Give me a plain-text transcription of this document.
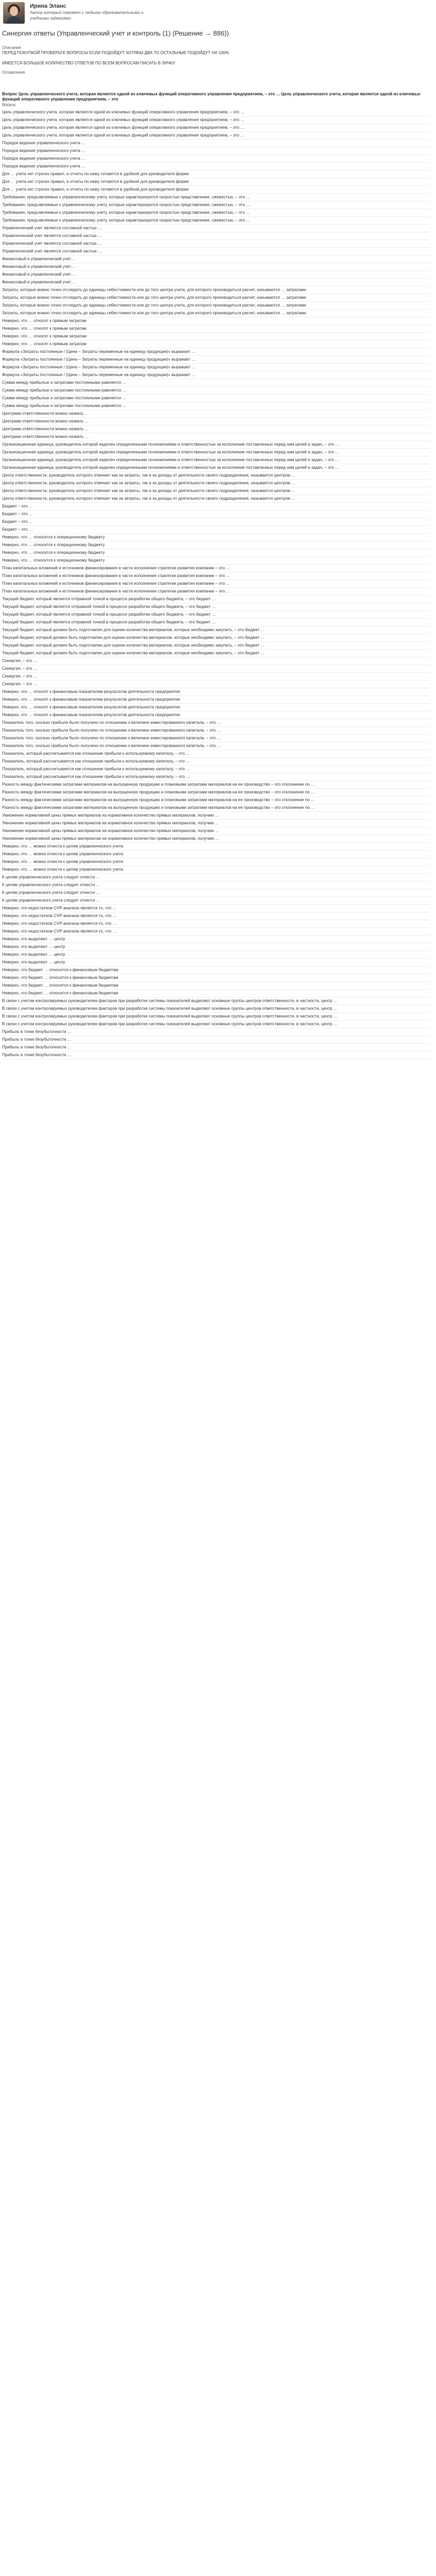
Ирина Эланс

Автор который поможет с любыми образовательными и учебными заданиями

Синергия ответы (Управленческий учет и контроль (1) (Решение → 886))
Описание
ПЕРЕД ПОКУПКОЙ ПРОВЕРЬТЕ ВОПРОСЫ ЕСЛИ ПОДОЙДУТ ХОТЯБЫ ДВА ТО ОСТАЛЬНЫЕ ПОДОЙДУТ НА 100%

ИМЕЕТСЯ БОЛЬШОЕ КОЛИЧЕСТВО ОТВЕТОВ ПО ВСЕМ ВОПРОСАМ ПИСАТЬ В ЛИЧКУ
Оглавление

Вопрос Цель управленческого учета, которая является одной из ключевых функций оперативного управления предприятием, – это … Цель управленческого учета, которая является одной из ключевых функций оперативного управления предприятием, – это

Вопрос
Цель управленческого учета, которая является одной из ключевых функций оперативного управления предприятием, – это …
Цель управленческого учета, которая является одной из ключевых функций оперативного управления предприятием, – это …
Цель управленческого учета, которая является одной из ключевых функций оперативного управления предприятием, – это …
Цель управленческого учета, которая является одной из ключевых функций оперативного управления предприятием, – это …
Порядок ведения управленческого учета …
Порядок ведения управленческого учета …
Порядок ведения управленческого учета …
Порядок ведения управленческого учета …
Для … учета нет строгих правил, и отчеты по нему готовятся в удобной для руководителя форме
Для … учета нет строгих правил, и отчеты по нему готовятся в удобной для руководителя форме
Для … учета нет строгих правил, и отчеты по нему готовятся в удобной для руководителя форме
Требования, предъявляемые к управленческому учету, которые характеризуются скоростью представления, сжежестью, – это …
Требования, предъявляемые к управленческому учету, которые характеризуются скоростью представления, сжежестью, – это …
Требования, предъявляемые к управленческому учету, которые характеризуются скоростью представления, сжежестью, – это …
Требования, предъявляемые к управленческому учету, которые характеризуются скоростью представления, сжежестью, – это …
Управленческий учет является составной частью …
Управленческий учет является составной частью …
Управленческий учет является составной частью …
Управленческий учет является составной частью …
Финансовый и управленческий учет…
Финансовый и управленческий учет…
Финансовый и управленческий учет…
Финансовый и управленческий учет…
Затраты, которые можно точно отследить до единицы себестоимости или до того центра учета, для которого производиться расчет, называются … затратами
Затраты, которые можно точно отследить до единицы себестоимости или до того центра учета, для которого производиться расчет, называются … затратами
Затраты, которые можно точно отследить до единицы себестоимости или до того центра учета, для которого производиться расчет, называются … затратами
Затраты, которые можно точно отследить до единицы себестоимости или до того центра учета, для которого производиться расчет, называются … затратами
Неверно, что … относят к прямым затратам
Неверно, что … относят к прямым затратам
Неверно, что … относят к прямым затратам
Неверно, что … относят к прямым затратам
Формула «Затраты постоянные / (Цена – Затраты переменные на единицу продукции)» выражает …
Формула «Затраты постоянные / (Цена – Затраты переменные на единицу продукции)» выражает …
Формула «Затраты постоянные / (Цена – Затраты переменные на единицу продукции)» выражает …
Формула «Затраты постоянные / (Цена – Затраты переменные на единицу продукции)» выражает …
Сумма между прибылью и затратами постоянными равняется …
Сумма между прибылью и затратами постоянными равняется …
Сумма между прибылью и затратами постоянными равняется …
Сумма между прибылью и затратами постоянными равняется …
Центрами ответственности можно назвать …
Центрами ответственности можно назвать …
Центрами ответственности можно назвать …
Центрами ответственности можно назвать …
Организационная единица, руководитель которой наделен определенными полномочиями и ответственностью за исполнение поставленных перед ним целей и задач, – это …
Организационная единица, руководитель которой наделен определенными полномочиями и ответственностью за исполнение поставленных перед ним целей и задач, – это …
Организационная единица, руководитель которой наделен определенными полномочиями и ответственностью за исполнение поставленных перед ним целей и задач, – это …
Организационная единица, руководитель которой наделен определенными полномочиями и ответственностью за исполнение поставленных перед ним целей и задач, – это …
Центр ответственности, руководитель которого отвечает как за затраты, так и за доходы от деятельности своего подразделения, называется центром …
Центр ответственности, руководитель которого отвечает как за затраты, так и за доходы от деятельности своего подразделения, называется центром …
Центр ответственности, руководитель которого отвечает как за затраты, так и за доходы от деятельности своего подразделения, называется центром …
Центр ответственности, руководитель которого отвечает как за затраты, так и за доходы от деятельности своего подразделения, называется центром …
Бюджет – это …
Бюджет – это …
Бюджет – это …
Бюджет – это …
Неверно, что … относится к операционному бюджету
Неверно, что … относится к операционному бюджету
Неверно, что … относится к операционному бюджету
Неверно, что … относится к операционному бюджету
План капитальных вложений и источников финансирования в части исполнения стратегии развития компании – это …
План капитальных вложений и источников финансирования в части исполнения стратегии развития компании – это …
План капитальных вложений и источников финансирования в части исполнения стратегии развития компании – это …
План капитальных вложений и источников финансирования в части исполнения стратегии развития компании – это …
Текущий бюджет, который является отправной точкой в процессе разработки общего бюджета, – это бюджет …
Текущий бюджет, который является отправной точкой в процессе разработки общего бюджета, – это бюджет …
Текущий бюджет, который является отправной точкой в процессе разработки общего бюджета, – это бюджет …
Текущий бюджет, который является отправной точкой в процессе разработки общего бюджета, – это бюджет …
Текущий бюджет, который должен быть подготовлен для оценки количества материалов, которые необходимо закупить, – это бюджет …
Текущий бюджет, который должен быть подготовлен для оценки количества материалов, которые необходимо закупить, – это бюджет …
Текущий бюджет, который должен быть подготовлен для оценки количества материалов, которые необходимо закупить, – это бюджет …
Текущий бюджет, который должен быть подготовлен для оценки количества материалов, которые необходимо закупить, – это бюджет …
Синергия, – это …
Синергия, – это …
Синергия, – это …
Синергия, – это …
Неверно, что … относят к финансовым показателям результатов деятельности предприятия
Неверно, что … относят к финансовым показателям результатов деятельности предприятия
Неверно, что … относят к финансовым показателям результатов деятельности предприятия
Неверно, что … относят к финансовым показателям результатов деятельности предприятия
Показатель того, сколько прибыли было получено по отношению к величине инвестированного капитала, – это …
Показатель того, сколько прибыли было получено по отношению к величине инвестированного капитала, – это …
Показатель того, сколько прибыли было получено по отношению к величине инвестированного капитала, – это …
Показатель того, сколько прибыли было получено по отношению к величине инвестированного капитала, – это …
Показатель, который рассчитывается как отношение прибыли к используемому капиталу, – это …
Показатель, который рассчитывается как отношение прибыли к используемому капиталу, – это …
Показатель, который рассчитывается как отношение прибыли к используемому капиталу, – это …
Показатель, который рассчитывается как отношение прибыли к используемому капиталу, – это …
Разность между фактическими затратами материалов на выпущенную продукцию и плановыми затратами материалов на ее производство – это отклонение по …
Разность между фактическими затратами материалов на выпущенную продукцию и плановыми затратами материалов на ее производство – это отклонение по …
Разность между фактическими затратами материалов на выпущенную продукцию и плановыми затратами материалов на ее производство – это отклонение по …
Разность между фактическими затратами материалов на выпущенную продукцию и плановыми затратами материалов на ее производство – это отклонение по …
Умножение нормативной цены прямых материалов на нормативное количество прямых материалов, получим …
Умножение нормативной цены прямых материалов на нормативное количество прямых материалов, получим …
Умножение нормативной цены прямых материалов на нормативное количество прямых материалов, получим …
Умножение нормативной цены прямых материалов на нормативное количество прямых материалов, получим …
Неверно, что … можно отнести к целям управленческого учета
Неверно, что … можно отнести к целям управленческого учета
Неверно, что … можно отнести к целям управленческого учета
Неверно, что … можно отнести к целям управленческого учета
К целям управленческого учета следует отнести …
К целям управленческого учета следует отнести …
К целям управленческого учета следует отнести …
К целям управленческого учета следует отнести …
Неверно, что недостатком CVP-анализа является то, что …
Неверно, что недостатком CVP-анализа является то, что …
Неверно, что недостатком CVP-анализа является то, что …
Неверно, что недостатком CVP-анализа является то, что …
Неверно, что выделяют … центр
Неверно, что выделяют … центр
Неверно, что выделяют … центр
Неверно, что выделяют … центр
Неверно, что бюджет … относится к финансовым бюджетам
Неверно, что бюджет … относится к финансовым бюджетам
Неверно, что бюджет … относится к финансовым бюджетам
Неверно, что бюджет … относится к финансовым бюджетам
В связи с учетом контролируемых руководителем факторов при разработке системы показателей выделяют основные группы центров ответственности, в частности, центр …
В связи с учетом контролируемых руководителем факторов при разработке системы показателей выделяют основные группы центров ответственности, в частности, центр …
В связи с учетом контролируемых руководителем факторов при разработке системы показателей выделяют основные группы центров ответственности, в частности, центр …
В связи с учетом контролируемых руководителем факторов при разработке системы показателей выделяют основные группы центров ответственности, в частности, центр …
Прибыль в точке безубыточности …
Прибыль в точке безубыточности …
Прибыль в точке безубыточности …
Прибыль в точке безубыточности …
